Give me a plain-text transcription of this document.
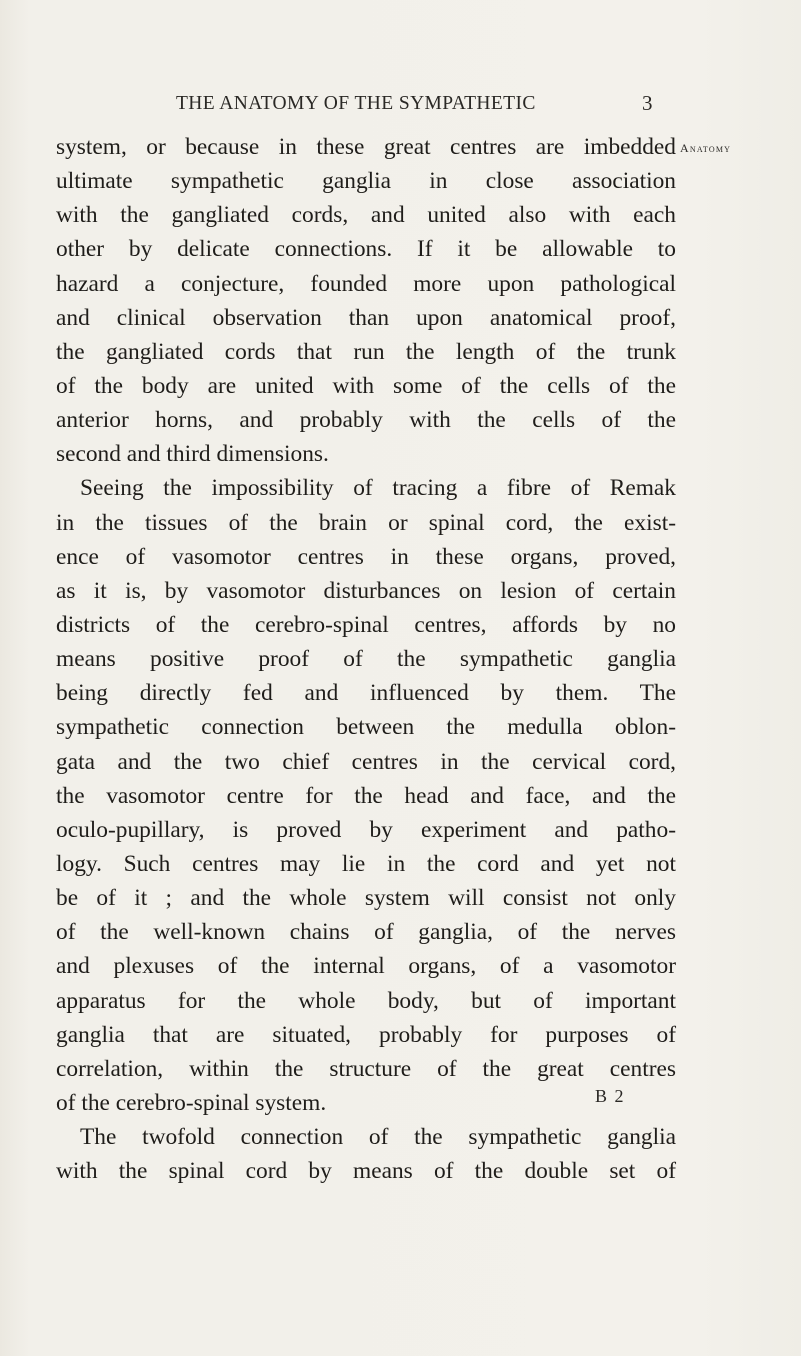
THE ANATOMY OF THE SYMPATHETIC	3
Anatomy
system, or because in these great centres are imbedded
ultimate sympathetic ganglia in close association
with the gangliated cords, and united also with each
other by delicate connections. If it be allowable to
hazard a conjecture, founded more upon pathological
and clinical observation than upon anatomical proof,
the gangliated cords that run the length of the trunk
of the body are united with some of the cells of the
anterior horns, and probably with the cells of the
second and third dimensions.
Seeing the impossibility of tracing a fibre of Remak
in the tissues of the brain or spinal cord, the exist-
ence of vasomotor centres in these organs, proved,
as it is, by vasomotor disturbances on lesion of certain
districts of the cerebro-spinal centres, affords by no
means positive proof of the sympathetic ganglia
being directly fed and influenced by them. The
sympathetic connection between the medulla oblon-
gata and the two chief centres in the cervical cord,
the vasomotor centre for the head and face, and the
oculo-pupillary, is proved by experiment and patho-
logy. Such centres may lie in the cord and yet not
be of it ; and the whole system will consist not only
of the well-known chains of ganglia, of the nerves
and plexuses of the internal organs, of a vasomotor
apparatus for the whole body, but of important
ganglia that are situated, probably for purposes of
correlation, within the structure of the great centres
of the cerebro-spinal system.
The twofold connection of the sympathetic ganglia
with the spinal cord by means of the double set of
B 2
